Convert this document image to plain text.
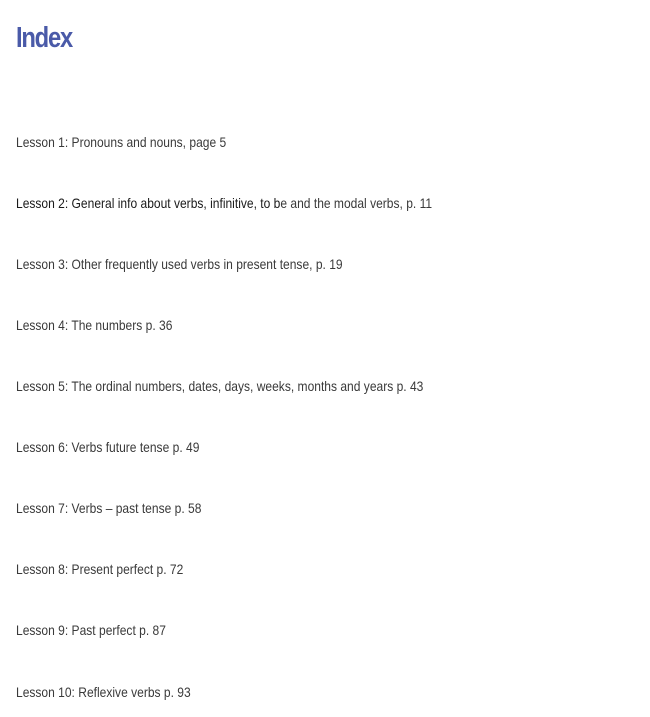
Index
Lesson 1: Pronouns and nouns, page 5
Lesson 2: General info about verbs, infinitive, to be and the modal verbs, p. 11
Lesson 3: Other frequently used verbs in present tense, p. 19
Lesson 4: The numbers p. 36
Lesson 5: The ordinal numbers, dates, days, weeks, months and years p. 43
Lesson 6: Verbs future tense p. 49
Lesson 7: Verbs – past tense p. 58
Lesson 8: Present perfect p. 72
Lesson 9: Past perfect p. 87
Lesson 10: Reflexive verbs p. 93
